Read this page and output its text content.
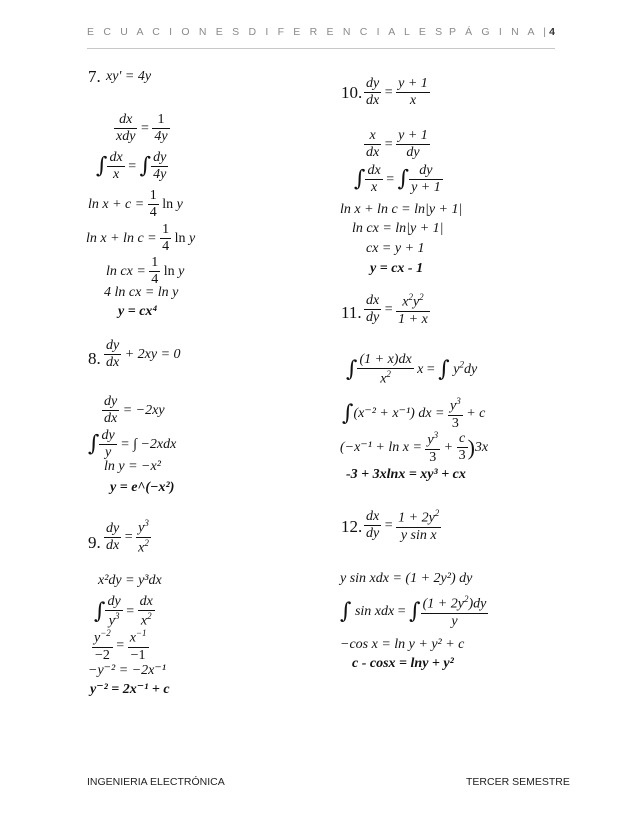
E C U A C I O N E S D I F E R E N C I A L E S P Á G I N A |4
7. xy' = 4y
$\frac{dx}{\text{xdy}} = \frac{1}{4y}$
∫ $\frac{dx}{x}$ = ∫ $\frac{dy}{4y}$
$\ln x + c = \frac{1}{4}$ ln y
$\ln x + \ln c = \frac{1}{4}$ ln y
ln cx = $\frac{1}{4}$ ln y
4 ln cx = ln y
y = cx⁴
8. $\frac{dy}{dx} + 2xy = 0$
$\frac{dy}{dx} = -2xy$
∫ $\frac{dy}{y}$ = ∫ −2xdx
ln y = −x²
y = e^(−x²)
9. $\frac{dy}{dx} = \frac{y^3}{x^2}$
x²dy = y³dx
∫ $\frac{dy}{y^3} = \frac{dx}{x^2}$
$\frac{y^{-2}}{-2} = \frac{x^{-1}}{-1}$
−y⁻² = −2x⁻¹
y⁻² = 2x⁻¹ + c
10. $\frac{dy}{dx} = \frac{y + 1}{x}$
$\frac{x}{dx} = \frac{y + 1}{dy}$
∫ $\frac{dx}{x}$ = ∫ $\frac{dy}{y + 1}$
ln x + ln c = ln|y + 1|
ln cx = ln|y + 1|
cx = y + 1
y = cx - 1
11. $\frac{dx}{dy} = \frac{x^2y^2}{1 + x}$
∫ $\frac{(1 + x)dx}{x^2}$ x = ∫ $y^2dy$
∫(x⁻² + x⁻¹) dx = $\frac{y^3}{3} + c$
$(-x^{-1} + \ln x = \frac{y^3}{3} + \frac{c}{3} )3x$
-3 + 3xlnx = xy³ + cx
12. $\frac{dx}{dy} = \frac{1 + 2y^2}{\text{y sin x}}$
y sin xdx = (1 + 2y²) dy
∫ sin xdx = ∫ $\frac{(1 + 2y^2)dy}{y}$
−cos x = ln y + y² + c
c - cosx = lny + y²
INGENIERIA ELECTRÓNICA	TERCER SEMESTRE
